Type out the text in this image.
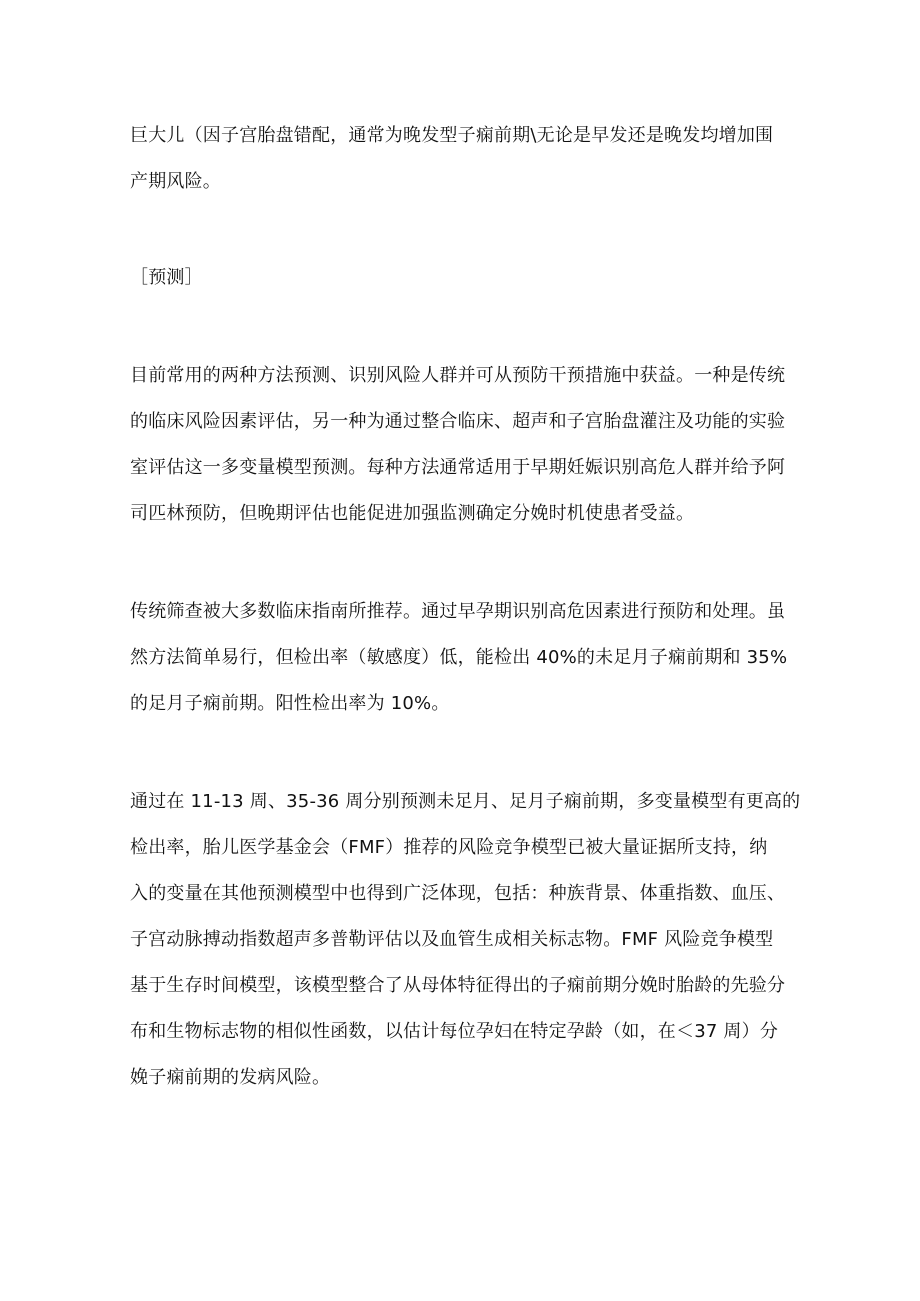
巨大儿（因子宫胎盘错配，通常为晚发型子痫前期\无论是早发还是晚发均增加围
产期风险。
［预测］
目前常用的两种方法预测、识别风险人群并可从预防干预措施中获益。一种是传统
的临床风险因素评估，另一种为通过整合临床、超声和子宫胎盘灌注及功能的实验
室评估这一多变量模型预测。每种方法通常适用于早期妊娠识别高危人群并给予阿
司匹林预防，但晚期评估也能促进加强监测确定分娩时机使患者受益。
传统筛查被大多数临床指南所推荐。通过早孕期识别高危因素进行预防和处理。虽
然方法简单易行，但检出率（敏感度）低，能检出 40%的未足月子痫前期和 35%
的足月子痫前期。阳性检出率为 10%。
通过在 11-13 周、35-36 周分别预测未足月、足月子痫前期，多变量模型有更高的
检出率，胎儿医学基金会（FMF）推荐的风险竞争模型已被大量证据所支持，纳
入的变量在其他预测模型中也得到广泛体现，包括：种族背景、体重指数、血压、
子宫动脉搏动指数超声多普勒评估以及血管生成相关标志物。FMF 风险竞争模型
基于生存时间模型，该模型整合了从母体特征得出的子痫前期分娩时胎龄的先验分
布和生物标志物的相似性函数，以估计每位孕妇在特定孕龄（如，在＜37 周）分
娩子痫前期的发病风险。
